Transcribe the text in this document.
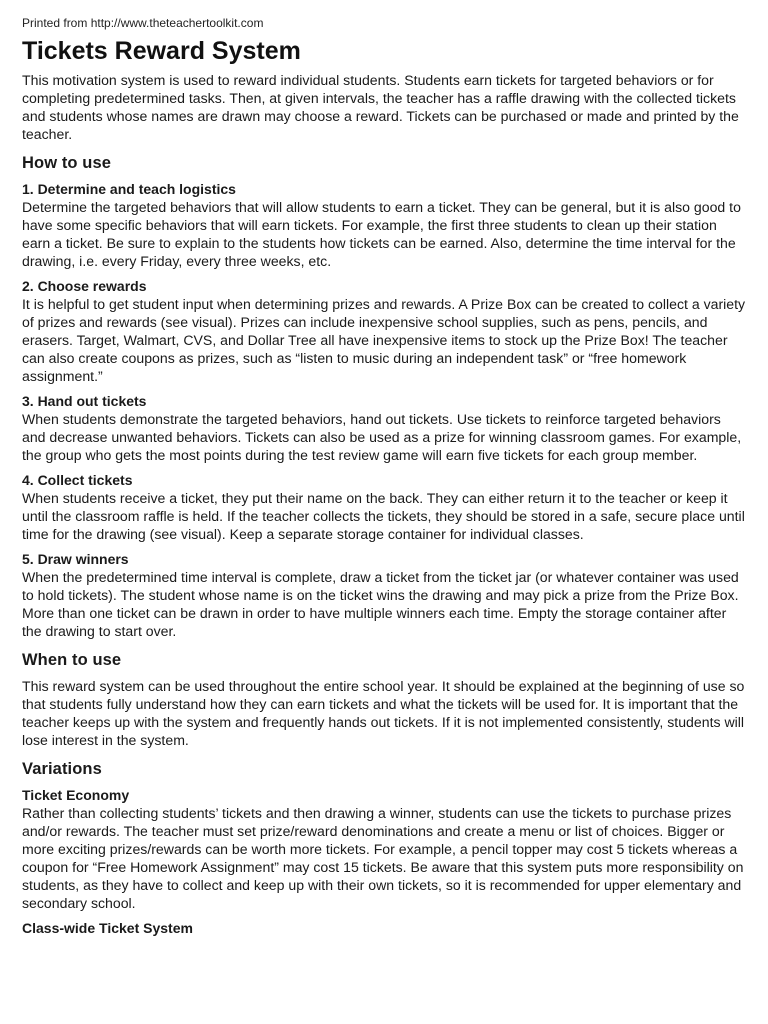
Printed from http://www.theteachertoolkit.com
Tickets Reward System

This motivation system is used to reward individual students. Students earn tickets for targeted behaviors or for completing predetermined tasks. Then, at given intervals, the teacher has a raffle drawing with the collected tickets and students whose names are drawn may choose a reward. Tickets can be purchased or made and printed by the teacher.

How to use
1. Determine and teach logistics

Determine the targeted behaviors that will allow students to earn a ticket. They can be general, but it is also good to have some specific behaviors that will earn tickets. For example, the first three students to clean up their station earn a ticket. Be sure to explain to the students how tickets can be earned. Also, determine the time interval for the drawing, i.e. every Friday, every three weeks, etc.

2. Choose rewards

It is helpful to get student input when determining prizes and rewards. A Prize Box can be created to collect a variety of prizes and rewards (see visual). Prizes can include inexpensive school supplies, such as pens, pencils, and erasers. Target, Walmart, CVS, and Dollar Tree all have inexpensive items to stock up the Prize Box! The teacher can also create coupons as prizes, such as “listen to music during an independent task” or “free homework assignment.”

3. Hand out tickets

When students demonstrate the targeted behaviors, hand out tickets. Use tickets to reinforce targeted behaviors and decrease unwanted behaviors. Tickets can also be used as a prize for winning classroom games. For example, the group who gets the most points during the test review game will earn five tickets for each group member.

4. Collect tickets

When students receive a ticket, they put their name on the back. They can either return it to the teacher or keep it until the classroom raffle is held. If the teacher collects the tickets, they should be stored in a safe, secure place until time for the drawing (see visual). Keep a separate storage container for individual classes.

5. Draw winners

When the predetermined time interval is complete, draw a ticket from the ticket jar (or whatever container was used to hold tickets). The student whose name is on the ticket wins the drawing and may pick a prize from the Prize Box. More than one ticket can be drawn in order to have multiple winners each time. Empty the storage container after the drawing to start over.

When to use

This reward system can be used throughout the entire school year. It should be explained at the beginning of use so that students fully understand how they can earn tickets and what the tickets will be used for. It is important that the teacher keeps up with the system and frequently hands out tickets. If it is not implemented consistently, students will lose interest in the system.

Variations
Ticket Economy

Rather than collecting students’ tickets and then drawing a winner, students can use the tickets to purchase prizes and/or rewards. The teacher must set prize/reward denominations and create a menu or list of choices. Bigger or more exciting prizes/rewards can be worth more tickets. For example, a pencil topper may cost 5 tickets whereas a coupon for “Free Homework Assignment” may cost 15 tickets. Be aware that this system puts more responsibility on students, as they have to collect and keep up with their own tickets, so it is recommended for upper elementary and secondary school.

Class-wide Ticket System
